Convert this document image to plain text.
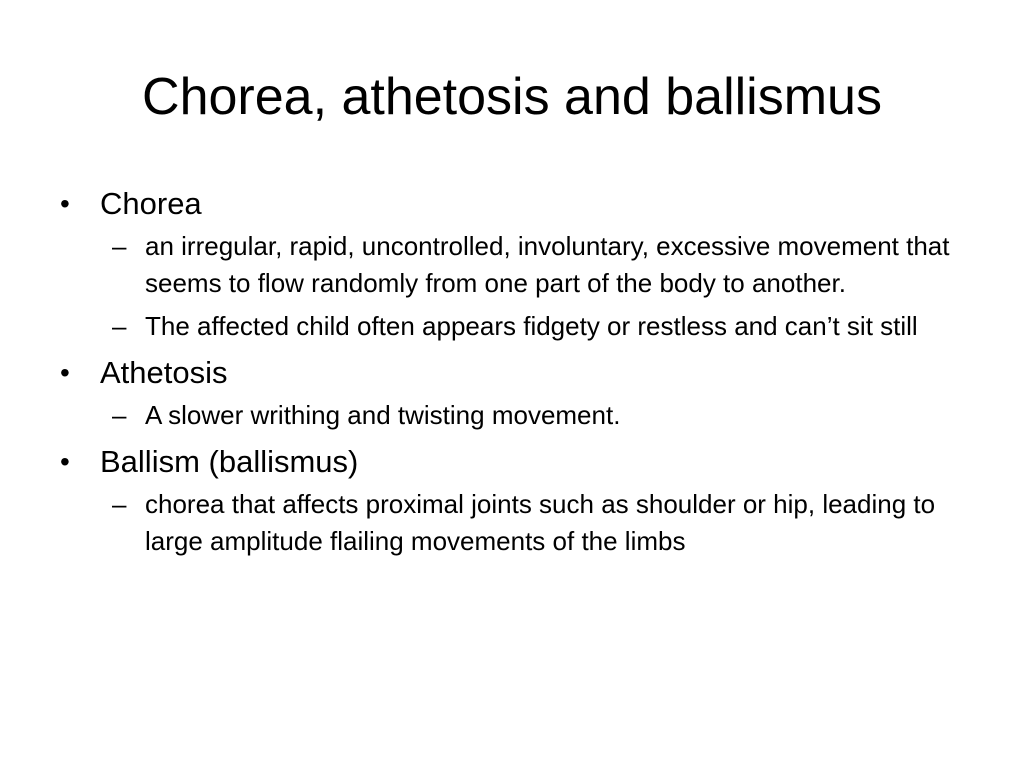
Chorea, athetosis and ballismus
• Chorea
– an irregular, rapid, uncontrolled, involuntary, excessive movement that seems to flow randomly from one part of the body to another.
– The affected child often appears fidgety or restless and can’t sit still
• Athetosis
– A slower writhing and twisting movement.
• Ballism (ballismus)
– chorea that affects proximal joints such as shoulder or hip, leading to large amplitude flailing movements of the limbs
